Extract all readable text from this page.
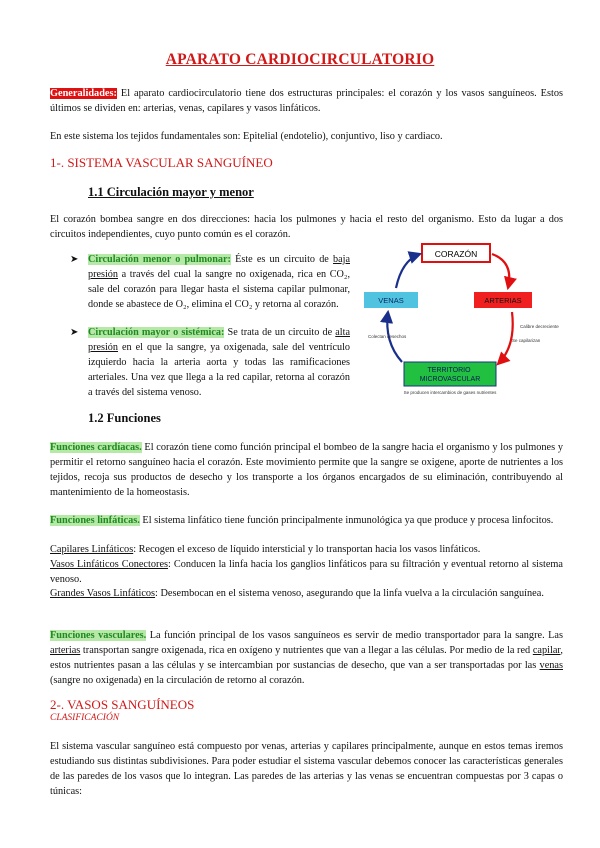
APARATO CARDIOCIRCULATORIO
Generalidades: El aparato cardiocirculatorio tiene dos estructuras principales: el corazón y los vasos sanguíneos. Estos últimos se dividen en: arterias, venas, capilares y vasos linfáticos.
En este sistema los tejidos fundamentales son: Epitelial (endotelio), conjuntivo, liso y cardiaco.
1-. SISTEMA VASCULAR SANGUÍNEO
1.1 Circulación mayor y menor
El corazón bombea sangre en dos direcciones: hacia los pulmones y hacia el resto del organismo. Esto da lugar a dos circuitos independientes, cuyo punto común es el corazón.
➤ Circulación menor o pulmonar: Éste es un circuito de baja presión a través del cual la sangre no oxigenada, rica en CO₂, sale del corazón para llegar hasta el sistema capilar pulmonar, donde se abastece de O₂, elimina el CO₂ y retorna al corazón.
➤ Circulación mayor o sistémica: Se trata de un circuito de alta presión en el que la sangre, ya oxigenada, sale del ventrículo izquierdo hacia la arteria aorta y todas las ramificaciones arteriales. Una vez que llega a la red capilar, retorna al corazón a través del sistema venoso.
CORAZÓN
VENAS	ARTERIAS
TERRITORIO MICROVASCULAR
Colectan desechos
Calibre decreciente
Se capilarizan
Se producen intercambios de gases nutrientes
1.2 Funciones
Funciones cardíacas. El corazón tiene como función principal el bombeo de la sangre hacia el organismo y los pulmones y permitir el retorno sanguíneo hacia el corazón. Este movimiento permite que la sangre se oxigene, aporte de nutrientes a los tejidos, recoja sus productos de desecho y los transporte a los órganos encargados de su eliminación, contribuyendo al mantenimiento de la homeostasis.
Funciones linfáticas. El sistema linfático tiene función principalmente inmunológica ya que produce y procesa linfocitos.
Capilares Linfáticos: Recogen el exceso de líquido intersticial y lo transportan hacia los vasos linfáticos.
Vasos Linfáticos Conectores: Conducen la linfa hacia los ganglios linfáticos para su filtración y eventual retorno al sistema venoso.
Grandes Vasos Linfáticos: Desembocan en el sistema venoso, asegurando que la linfa vuelva a la circulación sanguínea.
Funciones vasculares. La función principal de los vasos sanguíneos es servir de medio transportador para la sangre. Las arterias transportan sangre oxigenada, rica en oxígeno y nutrientes que van a llegar a las células. Por medio de la red capilar, estos nutrientes pasan a las células y se intercambian por sustancias de desecho, que van a ser transportadas por las venas (sangre no oxigenada) en la circulación de retorno al corazón.
2-. VASOS SANGUÍNEOS
CLASIFICACIÓN
El sistema vascular sanguíneo está compuesto por venas, arterias y capilares principalmente, aunque en estos temas iremos estudiando sus distintas subdivisiones. Para poder estudiar el sistema vascular debemos conocer las características generales de las paredes de los vasos que lo integran. Las paredes de las arterias y las venas se encuentran compuestas por 3 capas o túnicas:
